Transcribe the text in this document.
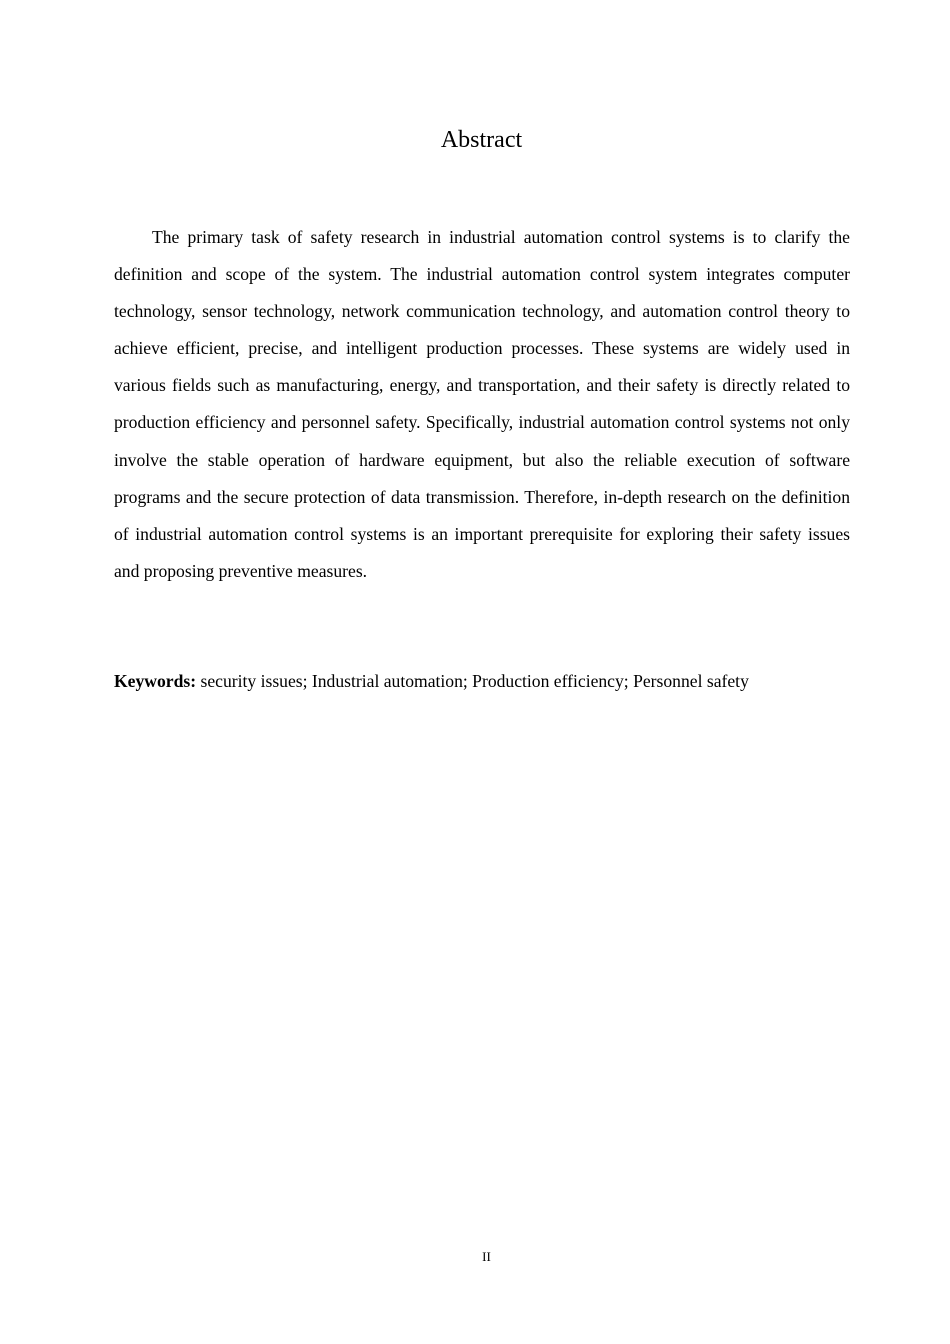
Abstract

The primary task of safety research in industrial automation control systems is to clarify the definition and scope of the system. The industrial automation control system integrates computer technology, sensor technology, network communication technology, and automation control theory to achieve efficient, precise, and intelligent production processes. These systems are widely used in various fields such as manufacturing, energy, and transportation, and their safety is directly related to production efficiency and personnel safety. Specifically, industrial automation control systems not only involve the stable operation of hardware equipment, but also the reliable execution of software programs and the secure protection of data transmission. Therefore, in-depth research on the definition of industrial automation control systems is an important prerequisite for exploring their safety issues and proposing preventive measures.

Keywords: security issues; Industrial automation; Production efficiency; Personnel safety

II
